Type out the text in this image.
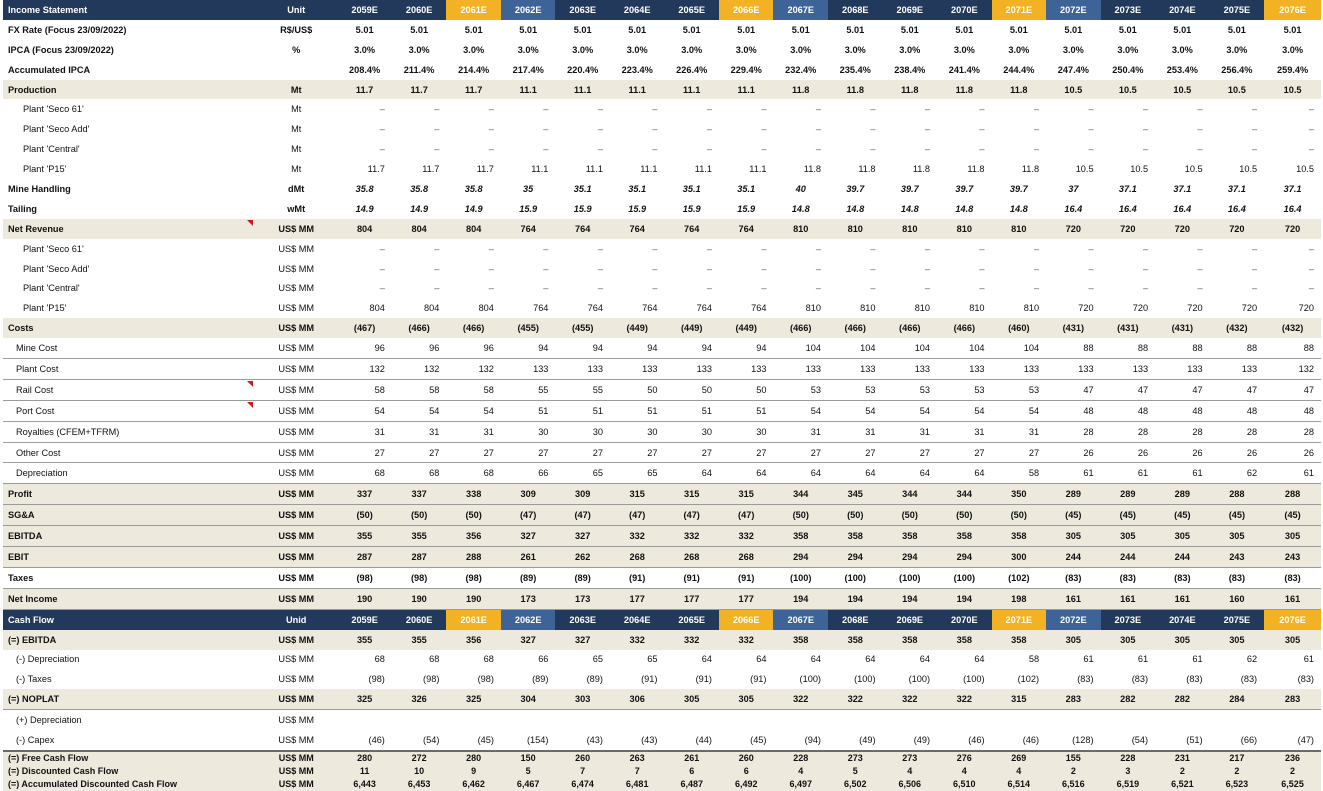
Income Statement	Unit	2059E	2060E	2061E	2062E	2063E	2064E	2065E	2066E	2067E	2068E	2069E	2070E	2071E	2072E	2073E	2074E	2075E	2076E
FX Rate (Focus 23/09/2022)	R$/US$	5.01	5.01	5.01	5.01	5.01	5.01	5.01	5.01	5.01	5.01	5.01	5.01	5.01	5.01	5.01	5.01	5.01	5.01
IPCA (Focus 23/09/2022)	%	3.0%	3.0%	3.0%	3.0%	3.0%	3.0%	3.0%	3.0%	3.0%	3.0%	3.0%	3.0%	3.0%	3.0%	3.0%	3.0%	3.0%	3.0%
Accumulated IPCA		208.4%	211.4%	214.4%	217.4%	220.4%	223.4%	226.4%	229.4%	232.4%	235.4%	238.4%	241.4%	244.4%	247.4%	250.4%	253.4%	256.4%	259.4%
Production	Mt	11.7	11.7	11.7	11.1	11.1	11.1	11.1	11.1	11.8	11.8	11.8	11.8	11.8	10.5	10.5	10.5	10.5	10.5
Plant 'Seco 61'	Mt	–	–	–	–	–	–	–	–	–	–	–	–	–	–	–	–	–	–
Plant 'Seco Add'	Mt	–	–	–	–	–	–	–	–	–	–	–	–	–	–	–	–	–	–
Plant 'Central'	Mt	–	–	–	–	–	–	–	–	–	–	–	–	–	–	–	–	–	–
Plant 'P15'	Mt	11.7	11.7	11.7	11.1	11.1	11.1	11.1	11.1	11.8	11.8	11.8	11.8	11.8	10.5	10.5	10.5	10.5	10.5
Mine Handling	dMt	35.8	35.8	35.8	35	35.1	35.1	35.1	35.1	40	39.7	39.7	39.7	39.7	37	37.1	37.1	37.1	37.1
Tailing	wMt	14.9	14.9	14.9	15.9	15.9	15.9	15.9	15.9	14.8	14.8	14.8	14.8	14.8	16.4	16.4	16.4	16.4	16.4
Net Revenue	US$ MM	804	804	804	764	764	764	764	764	810	810	810	810	810	720	720	720	720	720
Plant 'Seco 61'	US$ MM	–	–	–	–	–	–	–	–	–	–	–	–	–	–	–	–	–	–
Plant 'Seco Add'	US$ MM	–	–	–	–	–	–	–	–	–	–	–	–	–	–	–	–	–	–
Plant 'Central'	US$ MM	–	–	–	–	–	–	–	–	–	–	–	–	–	–	–	–	–	–
Plant 'P15'	US$ MM	804	804	804	764	764	764	764	764	810	810	810	810	810	720	720	720	720	720
Costs	US$ MM	(467)	(466)	(466)	(455)	(455)	(449)	(449)	(449)	(466)	(466)	(466)	(466)	(460)	(431)	(431)	(431)	(432)	(432)
Mine Cost	US$ MM	96	96	96	94	94	94	94	94	104	104	104	104	104	88	88	88	88	88
Plant Cost	US$ MM	132	132	132	133	133	133	133	133	133	133	133	133	133	133	133	133	133	132
Rail Cost	US$ MM	58	58	58	55	55	50	50	50	53	53	53	53	53	47	47	47	47	47
Port Cost	US$ MM	54	54	54	51	51	51	51	51	54	54	54	54	54	48	48	48	48	48
Royalties (CFEM+TFRM)	US$ MM	31	31	31	30	30	30	30	30	31	31	31	31	31	28	28	28	28	28
Other Cost	US$ MM	27	27	27	27	27	27	27	27	27	27	27	27	27	26	26	26	26	26
Depreciation	US$ MM	68	68	68	66	65	65	64	64	64	64	64	64	58	61	61	61	62	61
Profit	US$ MM	337	337	338	309	309	315	315	315	344	345	344	344	350	289	289	289	288	288
SG&A	US$ MM	(50)	(50)	(50)	(47)	(47)	(47)	(47)	(47)	(50)	(50)	(50)	(50)	(50)	(45)	(45)	(45)	(45)	(45)
EBITDA	US$ MM	355	355	356	327	327	332	332	332	358	358	358	358	358	305	305	305	305	305
EBIT	US$ MM	287	287	288	261	262	268	268	268	294	294	294	294	300	244	244	244	243	243
Taxes	US$ MM	(98)	(98)	(98)	(89)	(89)	(91)	(91)	(91)	(100)	(100)	(100)	(100)	(102)	(83)	(83)	(83)	(83)	(83)
Net Income	US$ MM	190	190	190	173	173	177	177	177	194	194	194	194	198	161	161	161	160	161
Cash Flow	Unid	2059E	2060E	2061E	2062E	2063E	2064E	2065E	2066E	2067E	2068E	2069E	2070E	2071E	2072E	2073E	2074E	2075E	2076E
(=) EBITDA	US$ MM	355	355	356	327	327	332	332	332	358	358	358	358	358	305	305	305	305	305
(-) Depreciation	US$ MM	68	68	68	66	65	65	64	64	64	64	64	64	58	61	61	61	62	61
(-) Taxes	US$ MM	(98)	(98)	(98)	(89)	(89)	(91)	(91)	(91)	(100)	(100)	(100)	(100)	(102)	(83)	(83)	(83)	(83)	(83)
(=) NOPLAT	US$ MM	325	326	325	304	303	306	305	305	322	322	322	322	315	283	282	282	284	283
(+) Depreciation	US$ MM																		
(-) Capex	US$ MM	(46)	(54)	(45)	(154)	(43)	(43)	(44)	(45)	(94)	(49)	(49)	(46)	(46)	(128)	(54)	(51)	(66)	(47)
(=) Free Cash Flow	US$ MM	280	272	280	150	260	263	261	260	228	273	273	276	269	155	228	231	217	236
(=) Discounted Cash Flow	US$ MM	11	10	9	5	7	7	6	6	4	5	4	4	4	2	3	2	2	2
(=) Accumulated Discounted Cash Flow	US$ MM	6,443	6,453	6,462	6,467	6,474	6,481	6,487	6,492	6,497	6,502	6,506	6,510	6,514	6,516	6,519	6,521	6,523	6,525
